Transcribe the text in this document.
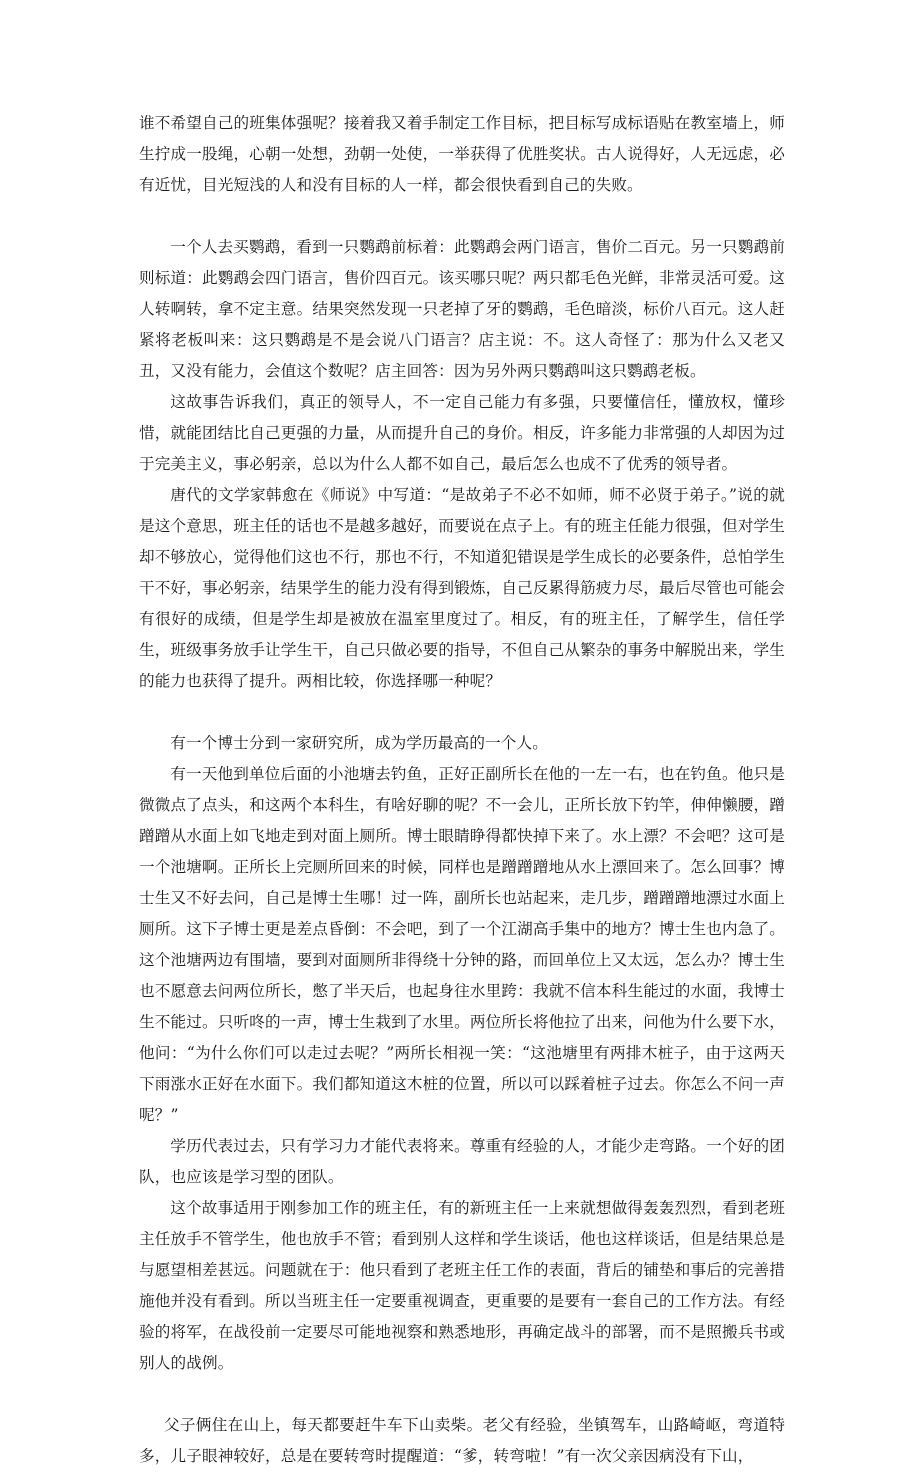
谁不希望自己的班集体强呢？接着我又着手制定工作目标，把目标写成标语贴在教室墙上，师生拧成一股绳，心朝一处想，劲朝一处使，一举获得了优胜奖状。古人说得好，人无远虑，必有近忧，目光短浅的人和没有目标的人一样，都会很快看到自己的失败。

一个人去买鹦鹉，看到一只鹦鹉前标着：此鹦鹉会两门语言，售价二百元。另一只鹦鹉前则标道：此鹦鹉会四门语言，售价四百元。该买哪只呢？两只都毛色光鲜，非常灵活可爱。这人转啊转，拿不定主意。结果突然发现一只老掉了牙的鹦鹉，毛色暗淡，标价八百元。这人赶紧将老板叫来：这只鹦鹉是不是会说八门语言？店主说：不。这人奇怪了：那为什么又老又丑，又没有能力，会值这个数呢？店主回答：因为另外两只鹦鹉叫这只鹦鹉老板。

这故事告诉我们，真正的领导人，不一定自己能力有多强，只要懂信任，懂放权，懂珍惜，就能团结比自己更强的力量，从而提升自己的身价。相反，许多能力非常强的人却因为过于完美主义，事必躬亲，总以为什么人都不如自己，最后怎么也成不了优秀的领导者。

唐代的文学家韩愈在《师说》中写道：“是故弟子不必不如师，师不必贤于弟子。”说的就是这个意思，班主任的话也不是越多越好，而要说在点子上。有的班主任能力很强，但对学生却不够放心，觉得他们这也不行，那也不行，不知道犯错误是学生成长的必要条件，总怕学生干不好，事必躬亲，结果学生的能力没有得到锻炼，自己反累得筋疲力尽，最后尽管也可能会有很好的成绩，但是学生却是被放在温室里度过了。相反，有的班主任，了解学生，信任学生，班级事务放手让学生干，自己只做必要的指导，不但自己从繁杂的事务中解脱出来，学生的能力也获得了提升。两相比较，你选择哪一种呢？

有一个博士分到一家研究所，成为学历最高的一个人。

有一天他到单位后面的小池塘去钓鱼，正好正副所长在他的一左一右，也在钓鱼。他只是微微点了点头，和这两个本科生，有啥好聊的呢？不一会儿，正所长放下钓竿，伸伸懒腰，蹭蹭蹭从水面上如飞地走到对面上厕所。博士眼睛睁得都快掉下来了。水上漂？不会吧？这可是一个池塘啊。正所长上完厕所回来的时候，同样也是蹭蹭蹭地从水上漂回来了。怎么回事？博士生又不好去问，自己是博士生哪！过一阵，副所长也站起来，走几步，蹭蹭蹭地漂过水面上厕所。这下子博士更是差点昏倒：不会吧，到了一个江湖高手集中的地方？博士生也内急了。这个池塘两边有围墙，要到对面厕所非得绕十分钟的路，而回单位上又太远，怎么办？博士生也不愿意去问两位所长，憋了半天后，也起身往水里跨：我就不信本科生能过的水面，我博士生不能过。只听咚的一声，博士生栽到了水里。两位所长将他拉了出来，问他为什么要下水，他问：“为什么你们可以走过去呢？”两所长相视一笑：“这池塘里有两排木桩子，由于这两天下雨涨水正好在水面下。我们都知道这木桩的位置，所以可以踩着桩子过去。你怎么不问一声呢？”

学历代表过去，只有学习力才能代表将来。尊重有经验的人，才能少走弯路。一个好的团队，也应该是学习型的团队。

这个故事适用于刚参加工作的班主任，有的新班主任一上来就想做得轰轰烈烈，看到老班主任放手不管学生，他也放手不管；看到别人这样和学生谈话，他也这样谈话，但是结果总是与愿望相差甚远。问题就在于：他只看到了老班主任工作的表面，背后的铺垫和事后的完善措施他并没有看到。所以当班主任一定要重视调查，更重要的是要有一套自己的工作方法。有经验的将军，在战役前一定要尽可能地视察和熟悉地形，再确定战斗的部署，而不是照搬兵书或别人的战例。

父子俩住在山上，每天都要赶牛车下山卖柴。老父有经验，坐镇驾车，山路崎岖，弯道特多，儿子眼神较好，总是在要转弯时提醒道：“爹，转弯啦！”有一次父亲因病没有下山，
